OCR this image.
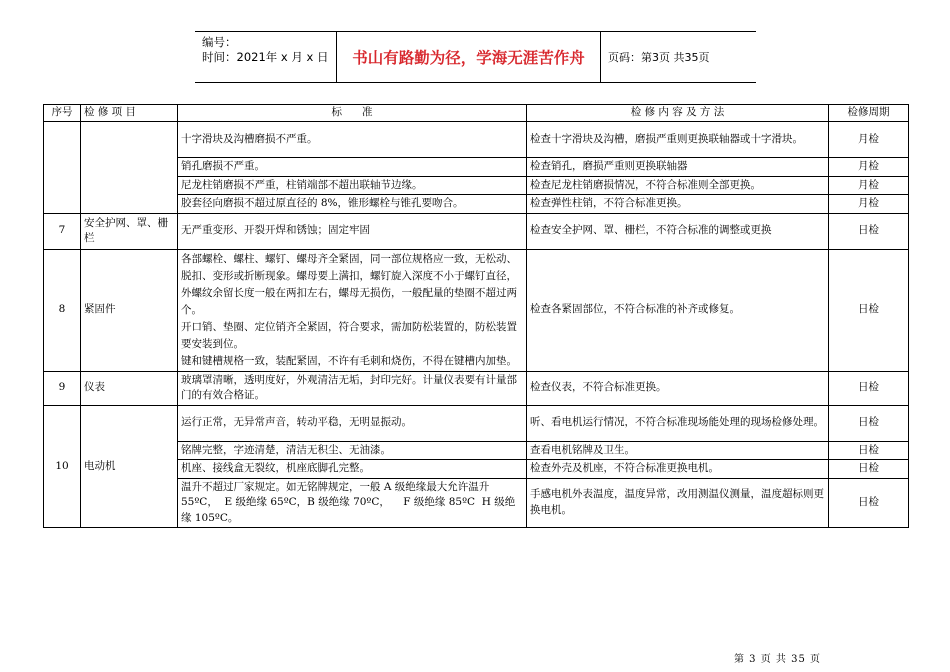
编号：
时间：2021年 x 月 x 日	书山有路勤为径，学海无涯苦作舟	页码：第3页 共35页
序号	检 修 项 目	标      准	检 修 内 容 及 方 法	检修周期
		十字滑块及沟槽磨损不严重。	检查十字滑块及沟槽，磨损严重则更换联轴器或十字滑块。	月检
		销孔磨损不严重。	检查销孔，磨损严重则更换联轴器	月检
		尼龙柱销磨损不严重，柱销端部不超出联轴节边缘。	检查尼龙柱销磨损情况，不符合标准则全部更换。	月检
		胶套径向磨损不超过原直径的 8%，锥形螺栓与锥孔要吻合。	检查弹性柱销，不符合标准更换。	月检
7	安全护网、罩、栅栏	无严重变形、开裂开焊和锈蚀；固定牢固	检查安全护网、罩、栅栏，不符合标准的调整或更换	日检
8	紧固件	各部螺栓、螺柱、螺钉、螺母齐全紧固，同一部位规格应一致，无松动、脱扣、变形或折断现象。螺母要上满扣，螺钉旋入深度不小于螺钉直径，外螺纹余留长度一般在两扣左右，螺母无损伤，一般配量的垫圈不超过两个。
开口销、垫圈、定位销齐全紧固，符合要求，需加防松装置的，防松装置要安装到位。
键和键槽规格一致，装配紧固，不许有毛刺和烧伤，不得在键槽内加垫。	检查各紧固部位，不符合标准的补齐或修复。	日检
9	仪表	玻璃罩清晰，透明度好，外观清洁无垢，封印完好。计量仪表要有计量部门的有效合格证。	检查仪表，不符合标准更换。	日检
10	电动机	运行正常，无异常声音，转动平稳，无明显振动。	听、看电机运行情况，不符合标准现场能处理的现场检修处理。	日检
		铭牌完整，字迹清楚，清洁无积尘、无油漆。	查看电机铭牌及卫生。	日检
		机座、接线盒无裂纹，机座底脚孔完整。	检查外壳及机座，不符合标准更换电机。	日检
		温升不超过厂家规定。如无铭牌规定，一般 A 级绝缘最大允许温升 55ºC，  E 级绝缘 65ºC，B 级绝缘 70ºC，    F 级绝缘 85ºC  H 级绝缘 105ºC。	手感电机外表温度，温度异常，改用测温仪测量，温度超标则更换电机。	日检
第 3 页 共 35 页
